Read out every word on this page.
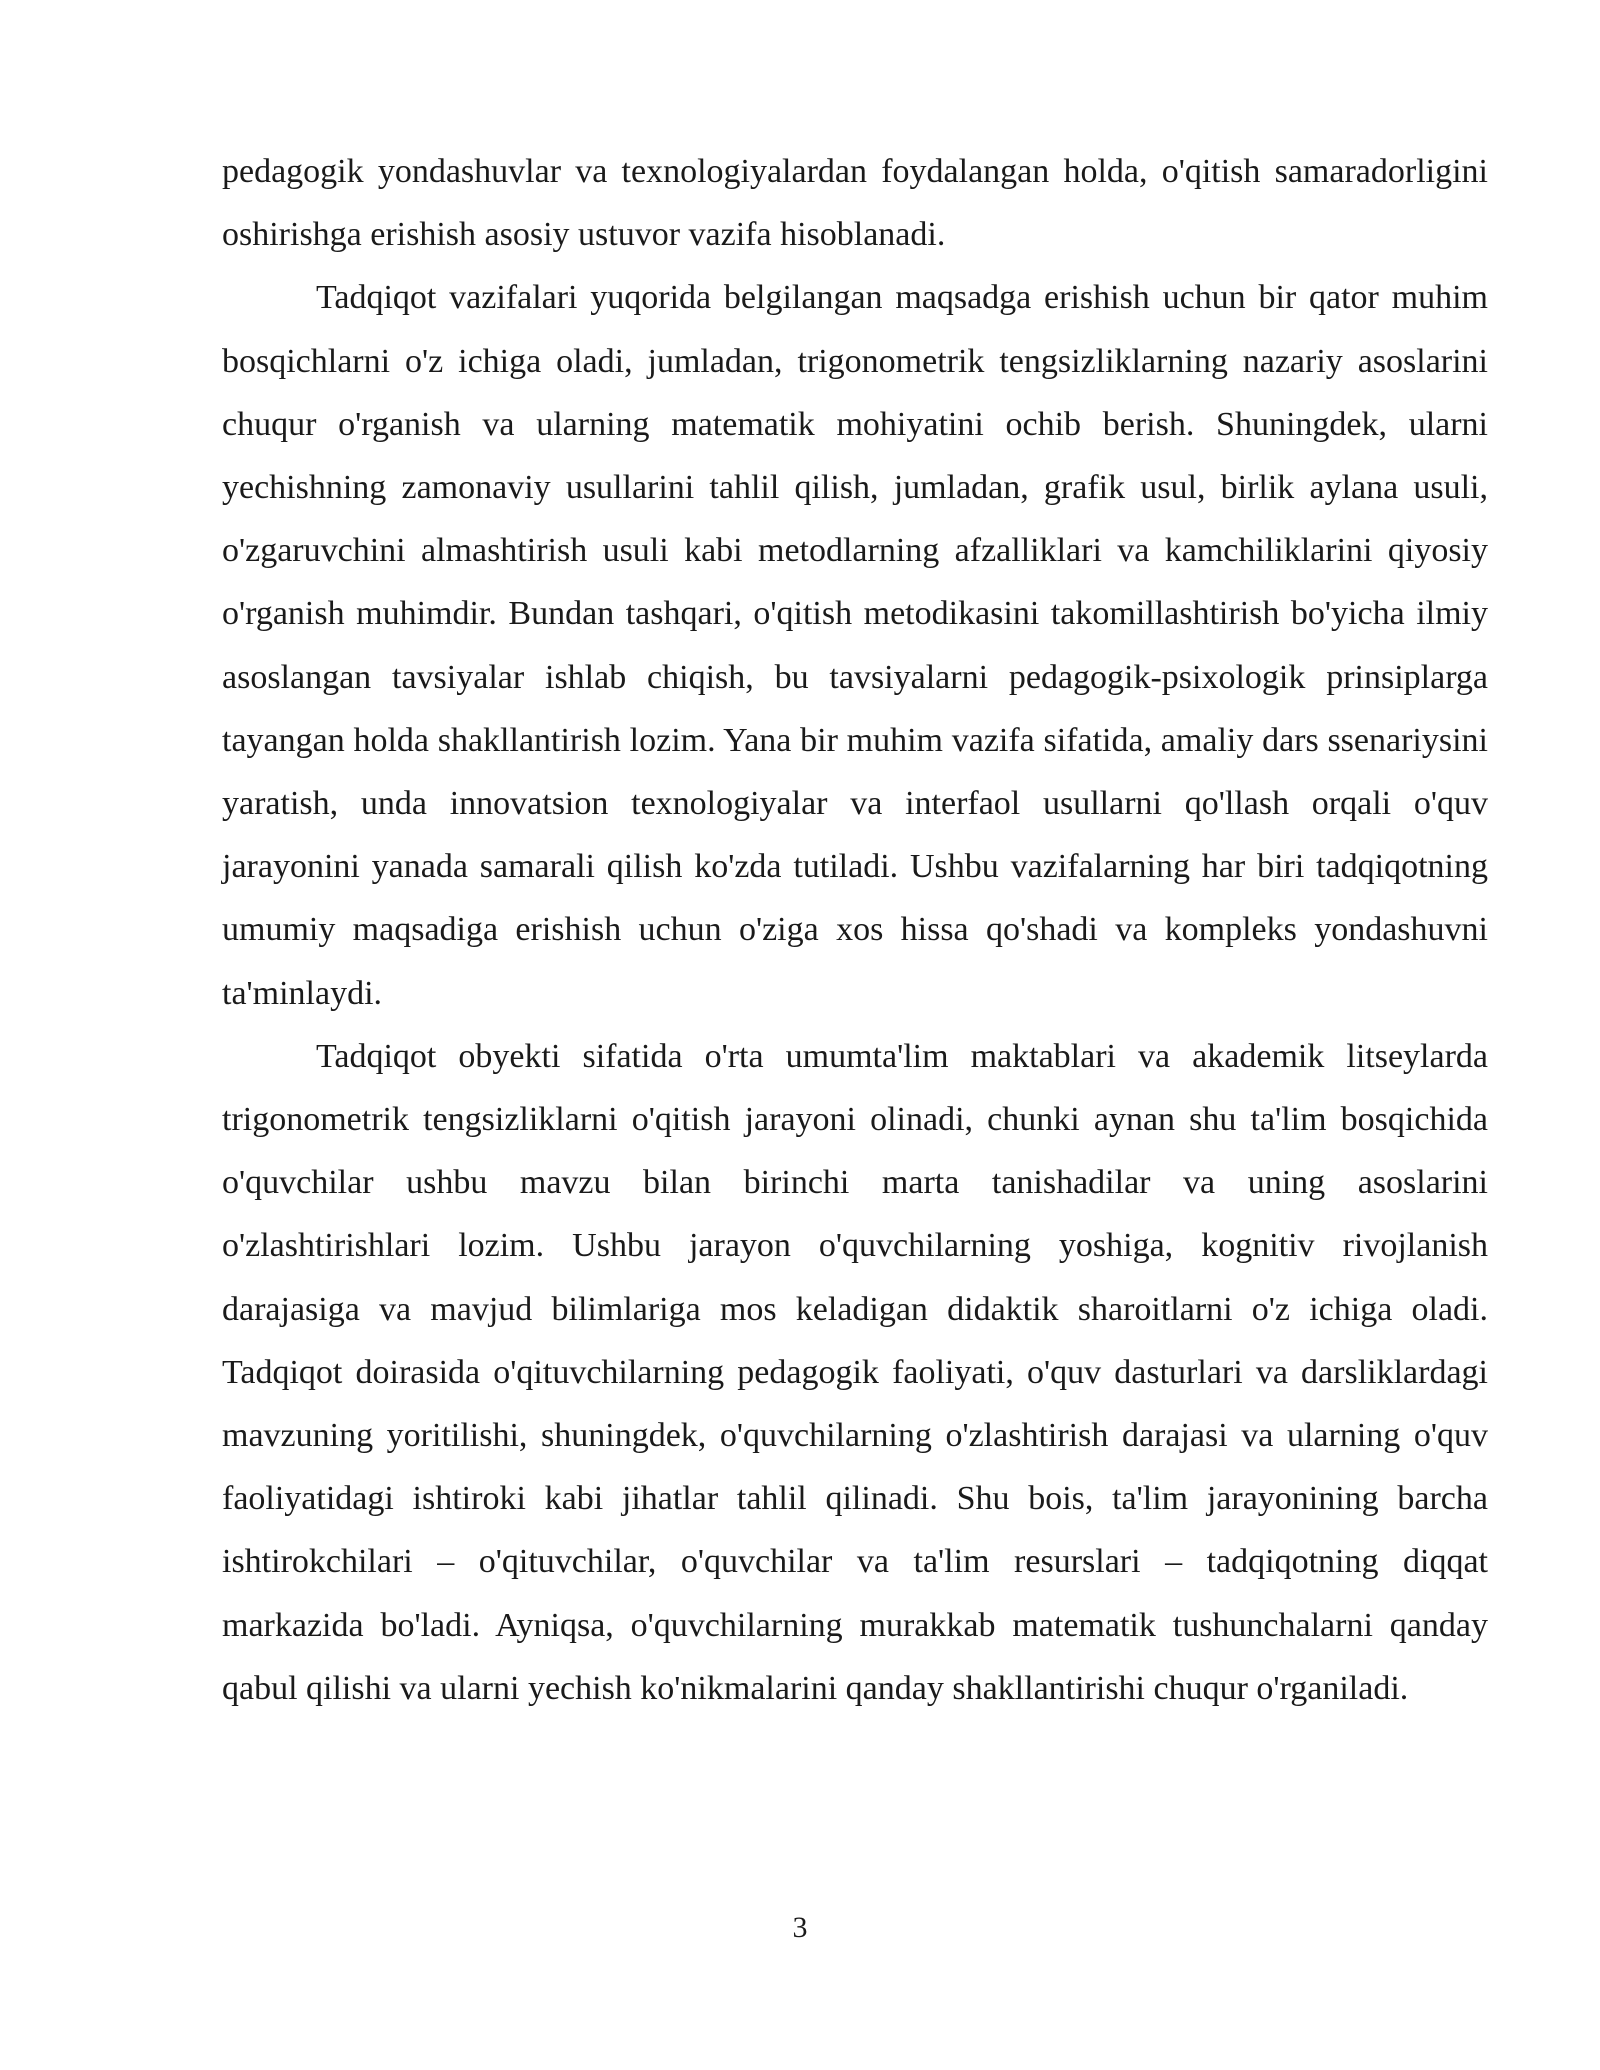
pedagogik yondashuvlar va texnologiyalardan foydalangan holda, o'qitish samaradorligini oshirishga erishish asosiy ustuvor vazifa hisoblanadi.

Tadqiqot vazifalari yuqorida belgilangan maqsadga erishish uchun bir qator muhim bosqichlarni o'z ichiga oladi, jumladan, trigonometrik tengsizliklarning nazariy asoslarini chuqur o'rganish va ularning matematik mohiyatini ochib berish. Shuningdek, ularni yechishning zamonaviy usullarini tahlil qilish, jumladan, grafik usul, birlik aylana usuli, o'zgaruvchini almashtirish usuli kabi metodlarning afzalliklari va kamchiliklarini qiyosiy o'rganish muhimdir. Bundan tashqari, o'qitish metodikasini takomillashtirish bo'yicha ilmiy asoslangan tavsiyalar ishlab chiqish, bu tavsiyalarni pedagogik-psixologik prinsiplarga tayangan holda shakllantirish lozim. Yana bir muhim vazifa sifatida, amaliy dars ssenariysini yaratish, unda innovatsion texnologiyalar va interfaol usullarni qo'llash orqali o'quv jarayonini yanada samarali qilish ko'zda tutiladi. Ushbu vazifalarning har biri tadqiqotning umumiy maqsadiga erishish uchun o'ziga xos hissa qo'shadi va kompleks yondashuvni ta'minlaydi.

Tadqiqot obyekti sifatida o'rta umumta'lim maktablari va akademik litseylarda trigonometrik tengsizliklarni o'qitish jarayoni olinadi, chunki aynan shu ta'lim bosqichida o'quvchilar ushbu mavzu bilan birinchi marta tanishadilar va uning asoslarini o'zlashtirishlari lozim. Ushbu jarayon o'quvchilarning yoshiga, kognitiv rivojlanish darajasiga va mavjud bilimlariga mos keladigan didaktik sharoitlarni o'z ichiga oladi. Tadqiqot doirasida o'qituvchilarning pedagogik faoliyati, o'quv dasturlari va darsliklardagi mavzuning yoritilishi, shuningdek, o'quvchilarning o'zlashtirish darajasi va ularning o'quv faoliyatidagi ishtiroki kabi jihatlar tahlil qilinadi. Shu bois, ta'lim jarayonining barcha ishtirokchilari – o'qituvchilar, o'quvchilar va ta'lim resurslari – tadqiqotning diqqat markazida bo'ladi. Ayniqsa, o'quvchilarning murakkab matematik tushunchalarni qanday qabul qilishi va ularni yechish ko'nikmalarini qanday shakllantirishi chuqur o'rganiladi.

3
